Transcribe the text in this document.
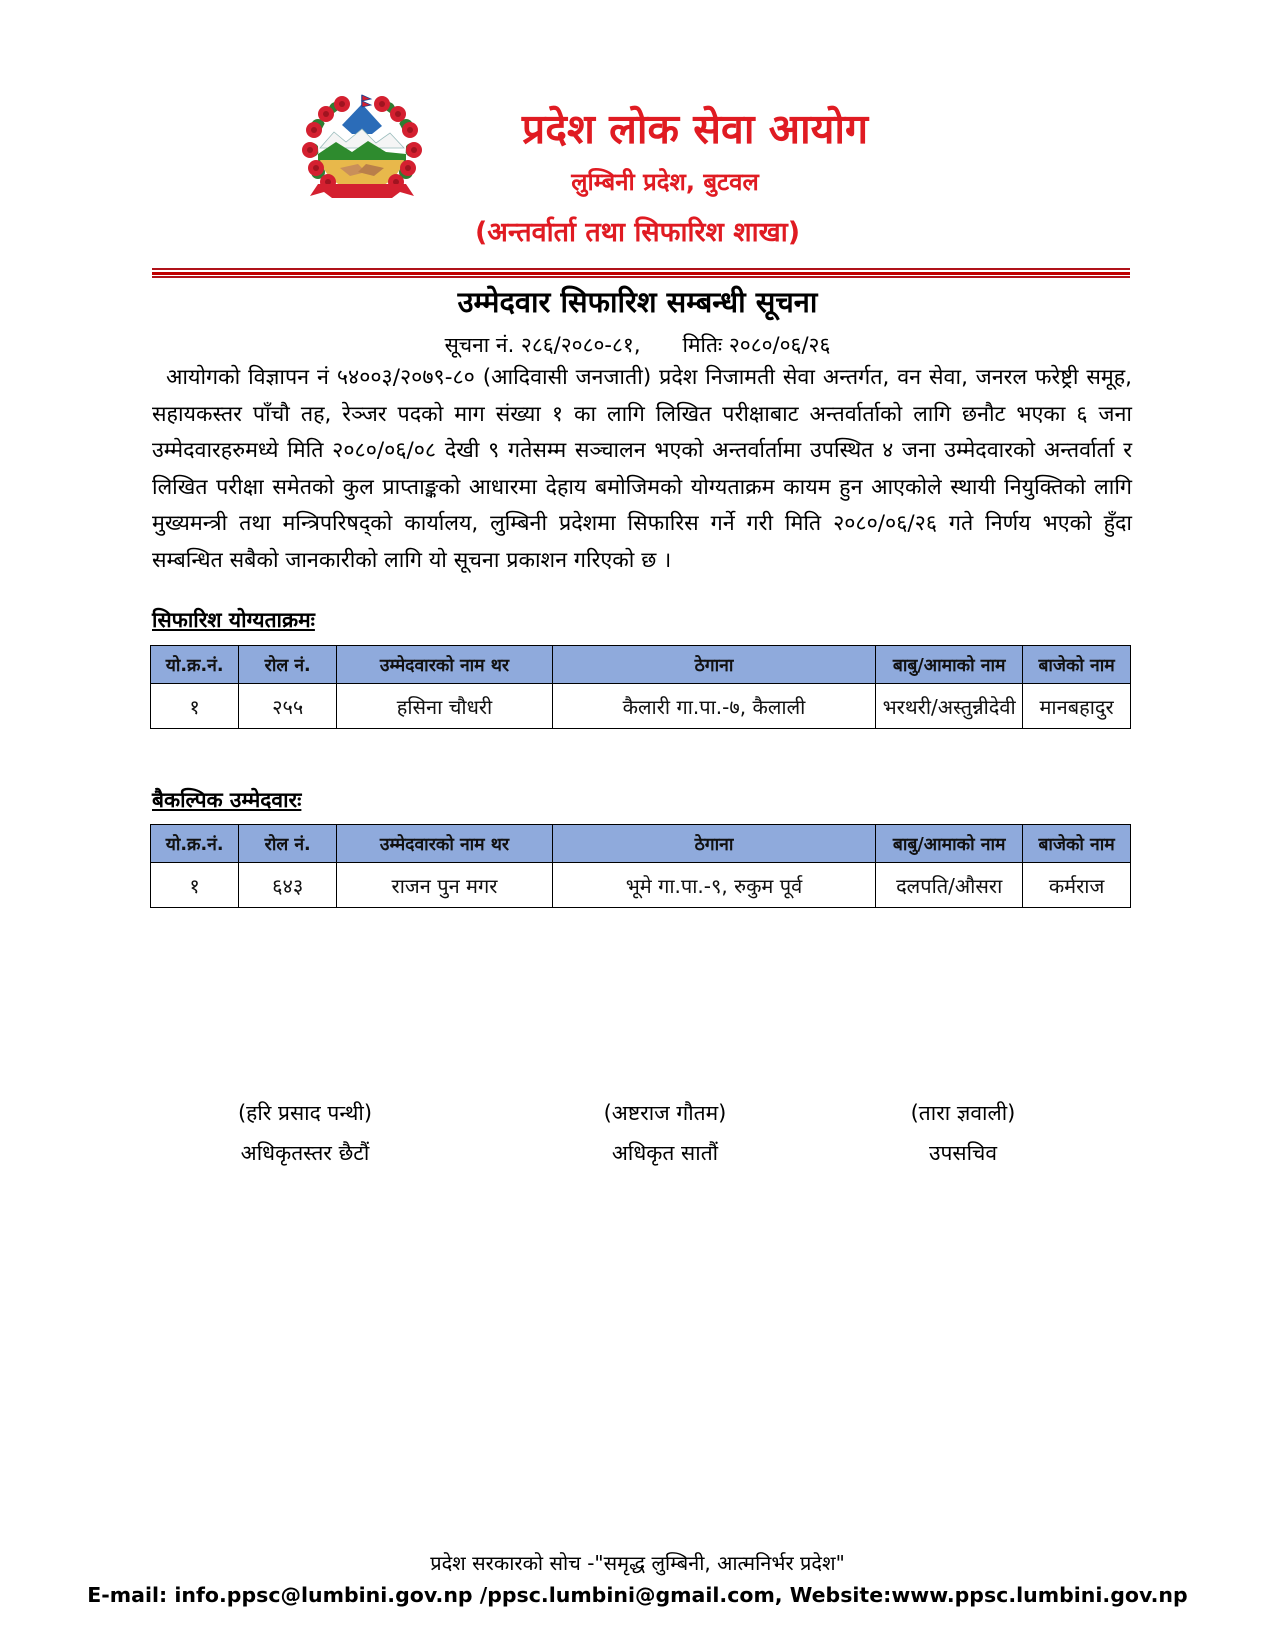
प्रदेश लोक सेवा आयोग
लुम्बिनी प्रदेश, बुटवल
(अन्तर्वार्ता तथा सिफारिश शाखा)
उम्मेदवार सिफारिश सम्बन्धी सूचना
सूचना नं. २८६/२०८०-८१, मितिः २०८०/०६/२६
आयोगको विज्ञापन नं ५४००३/२०७९-८० (आदिवासी जनजाती) प्रदेश निजामती सेवा अन्तर्गत, वन सेवा, जनरल फरेष्ट्री समूह, सहायकस्तर पाँचौ तह, रेञ्जर पदको माग संख्या १ का लागि लिखित परीक्षाबाट अन्तर्वार्ताको लागि छनौट भएका ६ जना उम्मेदवारहरुमध्ये मिति २०८०/०६/०८ देखी ९ गतेसम्म सञ्चालन भएको अन्तर्वार्तामा उपस्थित ४ जना उम्मेदवारको अन्तर्वार्ता र लिखित परीक्षा समेतको कुल प्राप्ताङ्कको आधारमा देहाय बमोजिमको योग्यताक्रम कायम हुन आएकोले स्थायी नियुक्तिको लागि मुख्यमन्त्री तथा मन्त्रिपरिषद्को कार्यालय, लुम्बिनी प्रदेशमा सिफारिस गर्ने गरी मिति २०८०/०६/२६ गते निर्णय भएको हुँदा सम्बन्धित सबैको जानकारीको लागि यो सूचना प्रकाशन गरिएको छ ।
सिफारिश योग्यताक्रमः
यो.क्र.नं.	रोल नं.	उम्मेदवारको नाम थर	ठेगाना	बाबु/आमाको नाम	बाजेको नाम
१	२५५	हसिना चौधरी	कैलारी गा.पा.-७, कैलाली	भरथरी/अस्तुन्नीदेवी	मानबहादुर
बैकल्पिक उम्मेदवारः
यो.क्र.नं.	रोल नं.	उम्मेदवारको नाम थर	ठेगाना	बाबु/आमाको नाम	बाजेको नाम
१	६४३	राजन पुन मगर	भूमे गा.पा.-९, रुकुम पूर्व	दलपति/औसरा	कर्मराज
(हरि प्रसाद पन्थी)
अधिकृतस्तर छैटौं
(अष्टराज गौतम)
अधिकृत सातौं
(तारा ज्ञवाली)
उपसचिव
प्रदेश सरकारको सोच -"समृद्ध लुम्बिनी, आत्मनिर्भर प्रदेश"
E-mail: info.ppsc@lumbini.gov.np /ppsc.lumbini@gmail.com, Website:www.ppsc.lumbini.gov.np
